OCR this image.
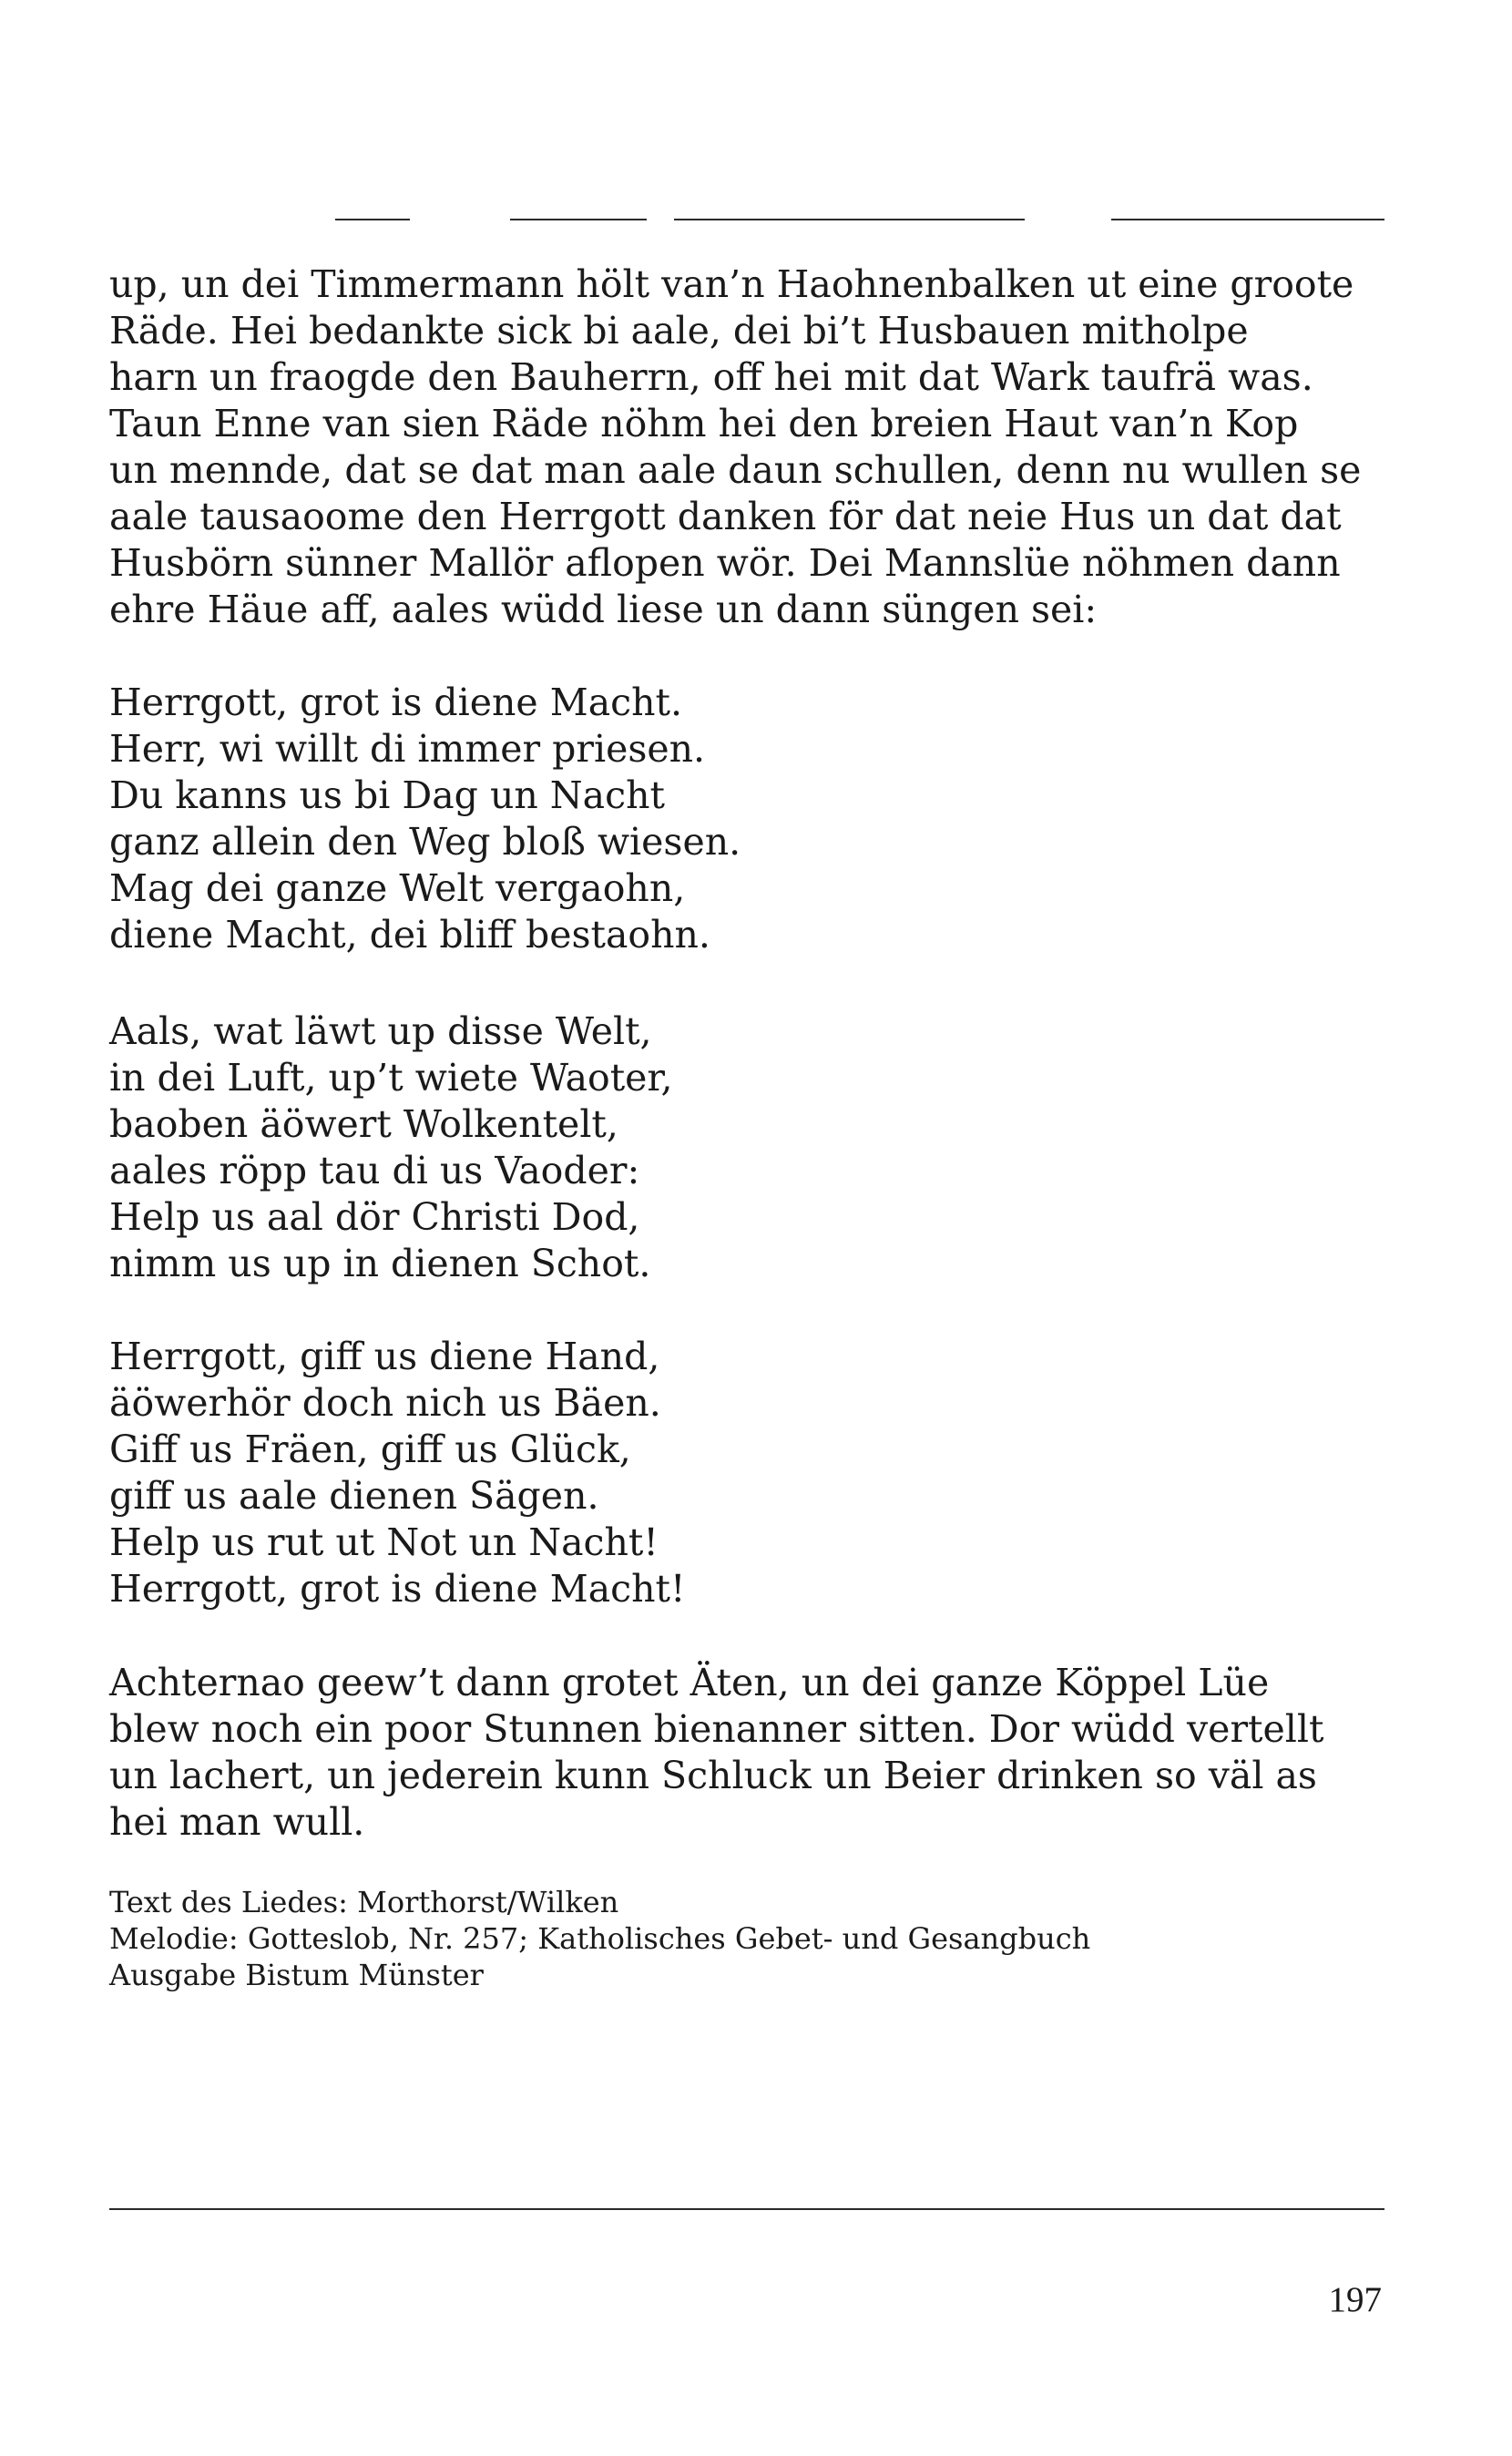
up, un dei Timmermann hölt van’n Haohnenbalken ut eine groote
Räde. Hei bedankte sick bi aale, dei bi’t Husbauen mitholpe
harn un fraogde den Bauherrn, off hei mit dat Wark taufrä was.
Taun Enne van sien Räde nöhm hei den breien Haut van’n Kop
un mennde, dat se dat man aale daun schullen, denn nu wullen se
aale tausaoome den Herrgott danken för dat neie Hus un dat dat
Husbörn sünner Mallör aflopen wör. Dei Mannslüe nöhmen dann
ehre Häue aff, aales wüdd liese un dann süngen sei:

Herrgott, grot is diene Macht.
Herr, wi willt di immer priesen.
Du kanns us bi Dag un Nacht
ganz allein den Weg bloß wiesen.
Mag dei ganze Welt vergaohn,
diene Macht, dei bliff bestaohn.

Aals, wat läwt up disse Welt,
in dei Luft, up’t wiete Waoter,
baoben äöwert Wolkentelt,
aales röpp tau di us Vaoder:
Help us aal dör Christi Dod,
nimm us up in dienen Schot.

Herrgott, giff us diene Hand,
äöwerhör doch nich us Bäen.
Giff us Fräen, giff us Glück,
giff us aale dienen Sägen.
Help us rut ut Not un Nacht!
Herrgott, grot is diene Macht!

Achternao geew’t dann grotet Äten, un dei ganze Köppel Lüe
blew noch ein poor Stunnen bienanner sitten. Dor wüdd vertellt
un lachert, un jederein kunn Schluck un Beier drinken so väl as
hei man wull.

Text des Liedes: Morthorst/Wilken
Melodie: Gotteslob, Nr. 257; Katholisches Gebet- und Gesangbuch
Ausgabe Bistum Münster

197
